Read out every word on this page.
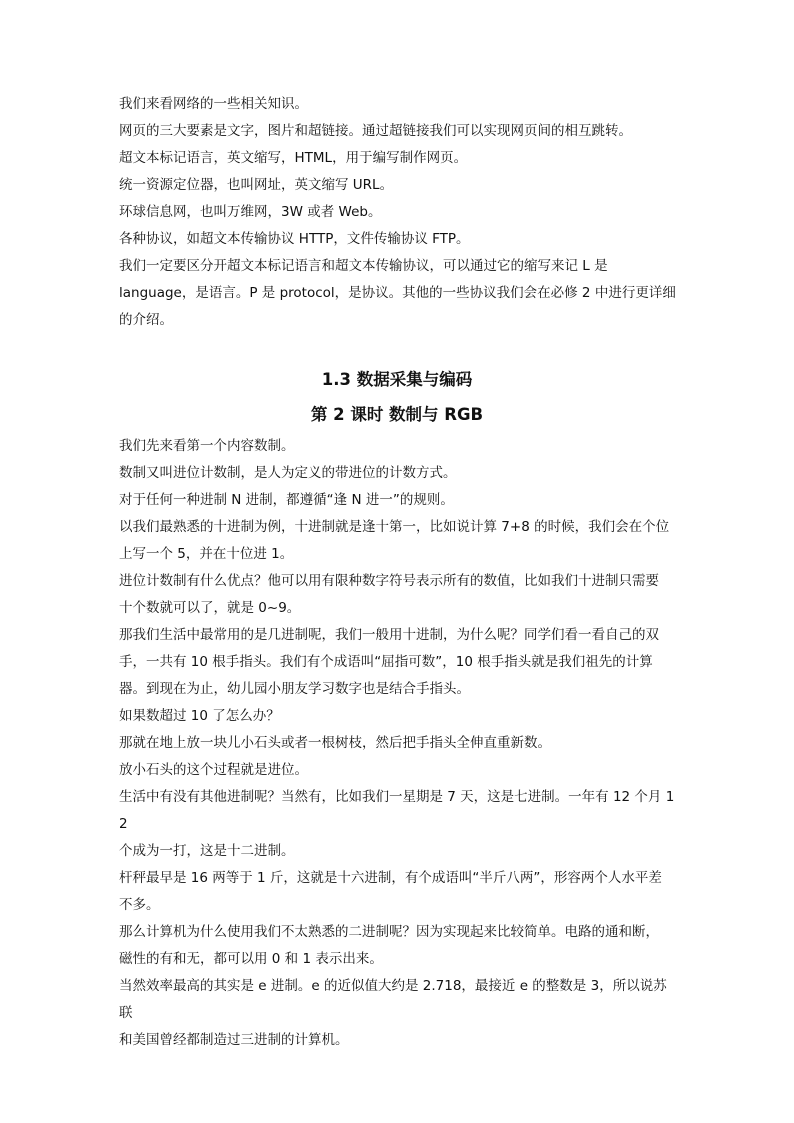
我们来看网络的一些相关知识。

网页的三大要素是文字，图片和超链接。通过超链接我们可以实现网页间的相互跳转。

超文本标记语言，英文缩写，HTML，用于编写制作网页。

统一资源定位器，也叫网址，英文缩写 URL。

环球信息网，也叫万维网，3W 或者 Web。

各种协议，如超文本传输协议 HTTP，文件传输协议 FTP。

我们一定要区分开超文本标记语言和超文本传输协议，可以通过它的缩写来记 L 是

language，是语言。P 是 protocol，是协议。其他的一些协议我们会在必修 2 中进行更详细

的介绍。

1.3 数据采集与编码
第 2 课时 数制与 RGB

我们先来看第一个内容数制。

数制又叫进位计数制，是人为定义的带进位的计数方式。

对于任何一种进制 N 进制，都遵循“逢 N 进一”的规则。

以我们最熟悉的十进制为例，十进制就是逢十第一，比如说计算 7+8 的时候，我们会在个位

上写一个 5，并在十位进 1。

进位计数制有什么优点？他可以用有限种数字符号表示所有的数值，比如我们十进制只需要

十个数就可以了，就是 0~9。

那我们生活中最常用的是几进制呢，我们一般用十进制，为什么呢？同学们看一看自己的双

手，一共有 10 根手指头。我们有个成语叫“屈指可数”，10 根手指头就是我们祖先的计算

器。到现在为止，幼儿园小朋友学习数字也是结合手指头。

如果数超过 10 了怎么办？

那就在地上放一块儿小石头或者一根树枝，然后把手指头全伸直重新数。

放小石头的这个过程就是进位。

生活中有没有其他进制呢？当然有，比如我们一星期是 7 天，这是七进制。一年有 12 个月 12

个成为一打，这是十二进制。

杆秤最早是 16 两等于 1 斤，这就是十六进制，有个成语叫“半斤八两”，形容两个人水平差

不多。

那么计算机为什么使用我们不太熟悉的二进制呢？因为实现起来比较简单。电路的通和断，

磁性的有和无，都可以用 0 和 1 表示出来。

当然效率最高的其实是 e 进制。e 的近似值大约是 2.718，最接近 e 的整数是 3，所以说苏联

和美国曾经都制造过三进制的计算机。
